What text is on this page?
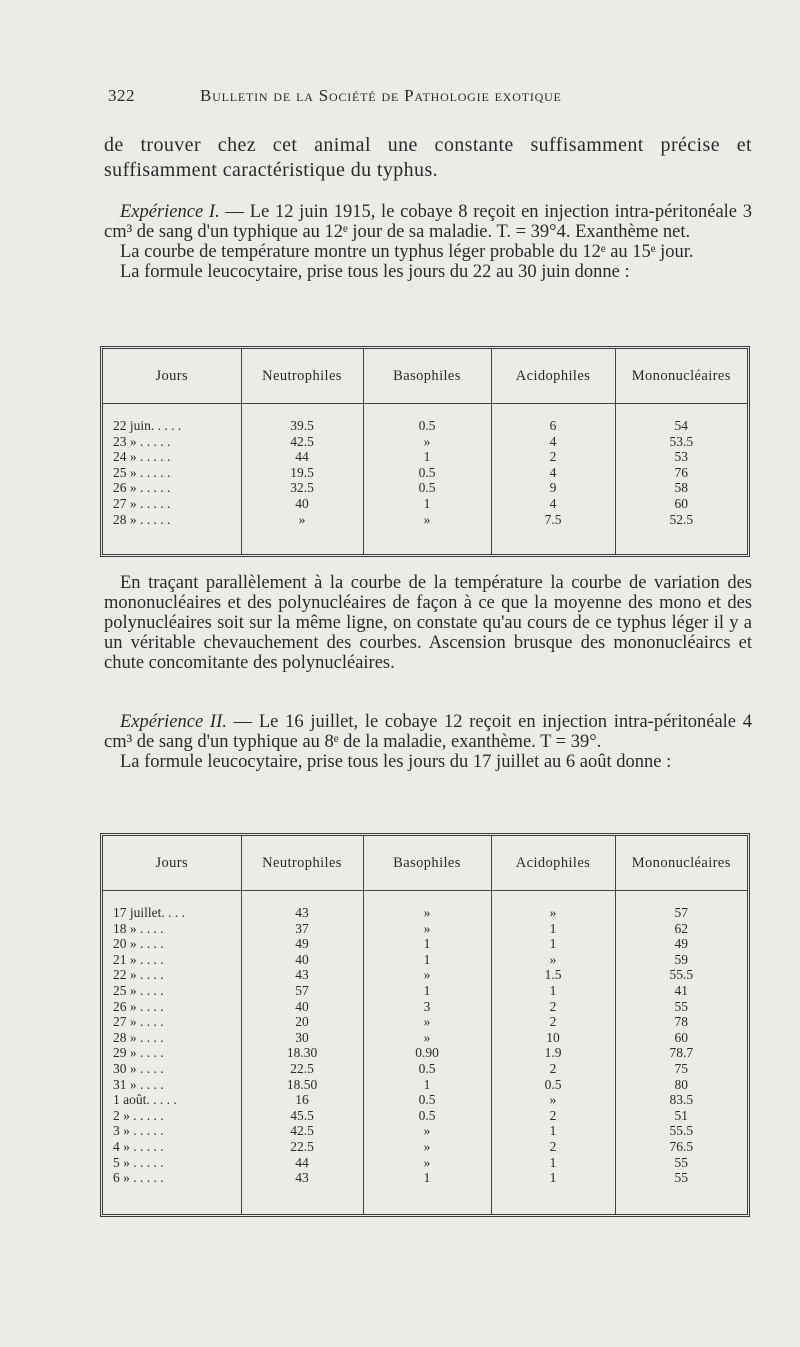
322	Bulletin de la Société de Pathologie exotique

de trouver chez cet animal une constante suffisamment précise et suffisamment caractéristique du typhus.

Expérience I. — Le 12 juin 1915, le cobaye 8 reçoit en injection intra-péritonéale 3 cm³ de sang d'un typhique au 12ᵉ jour de sa maladie. T. = 39°4. Exanthème net.

La courbe de température montre un typhus léger probable du 12ᵉ au 15ᵉ jour.

La formule leucocytaire, prise tous les jours du 22 au 30 juin donne :

Jours	Neutrophiles	Basophiles	Acidophiles	Mononucléaires
22 juin. . . . .	39.5	0.5	6	54
23 » . . . . .	42.5	»	4	53.5
24 » . . . . .	44	1	2	53
25 » . . . . .	19.5	0.5	4	76
26 » . . . . .	32.5	0.5	9	58
27 » . . . . .	40	1	4	60
28 » . . . . .	»	»	7.5	52.5

En traçant parallèlement à la courbe de la température la courbe de variation des mononucléaires et des polynucléaires de façon à ce que la moyenne des mono et des polynucléaires soit sur la même ligne, on constate qu'au cours de ce typhus léger il y a un véritable chevauchement des courbes. Ascension brusque des mononucléaircs et chute concomitante des polynucléaires.

Expérience II. — Le 16 juillet, le cobaye 12 reçoit en injection intra-péritonéale 4 cm³ de sang d'un typhique au 8ᵉ de la maladie, exanthème. T = 39°.

La formule leucocytaire, prise tous les jours du 17 juillet au 6 août donne :

Jours	Neutrophiles	Basophiles	Acidophiles	Mononucléaires
17 juillet. . . .	43	»	»	57
18 » . . . .	37	»	1	62
20 » . . . .	49	1	1	49
21 » . . . .	40	1	»	59
22 » . . . .	43	»	1.5	55.5
25 » . . . .	57	1	1	41
26 » . . . .	40	3	2	55
27 » . . . .	20	»	2	78
28 » . . . .	30	»	10	60
29 » . . . .	18.30	0.90	1.9	78.7
30 » . . . .	22.5	0.5	2	75
31 » . . . .	18.50	1	0.5	80
1 août. . . . .	16	0.5	»	83.5
2 » . . . . .	45.5	0.5	2	51
3 » . . . . .	42.5	»	1	55.5
4 » . . . . .	22.5	»	2	76.5
5 » . . . . .	44	»	1	55
6 » . . . . .	43	1	1	55
